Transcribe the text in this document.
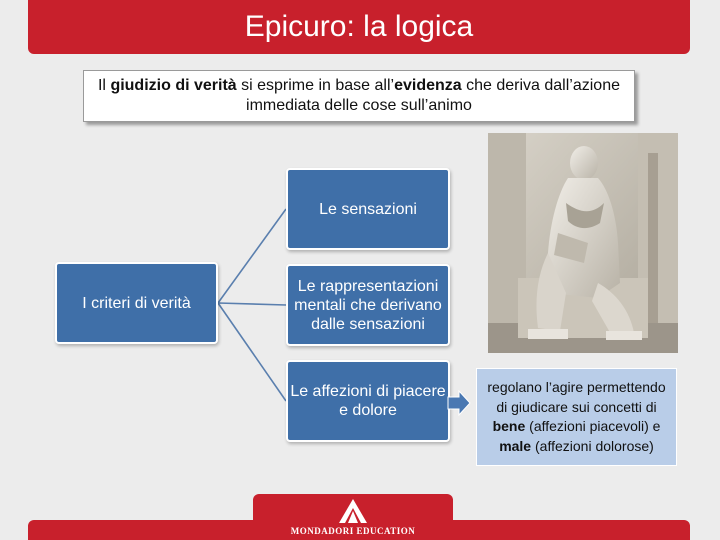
Epicuro: la logica
Il giudizio di verità si esprime in base all’evidenza che deriva dall’azione immediata delle cose sull’animo
I criteri di verità
Le sensazioni
Le rappresentazioni mentali che derivano dalle sensazioni
Le affezioni di piacere e dolore
regolano l’agire permettendo di giudicare sui concetti di bene (affezioni piacevoli) e male (affezioni dolorose)
MONDADORI EDUCATION
